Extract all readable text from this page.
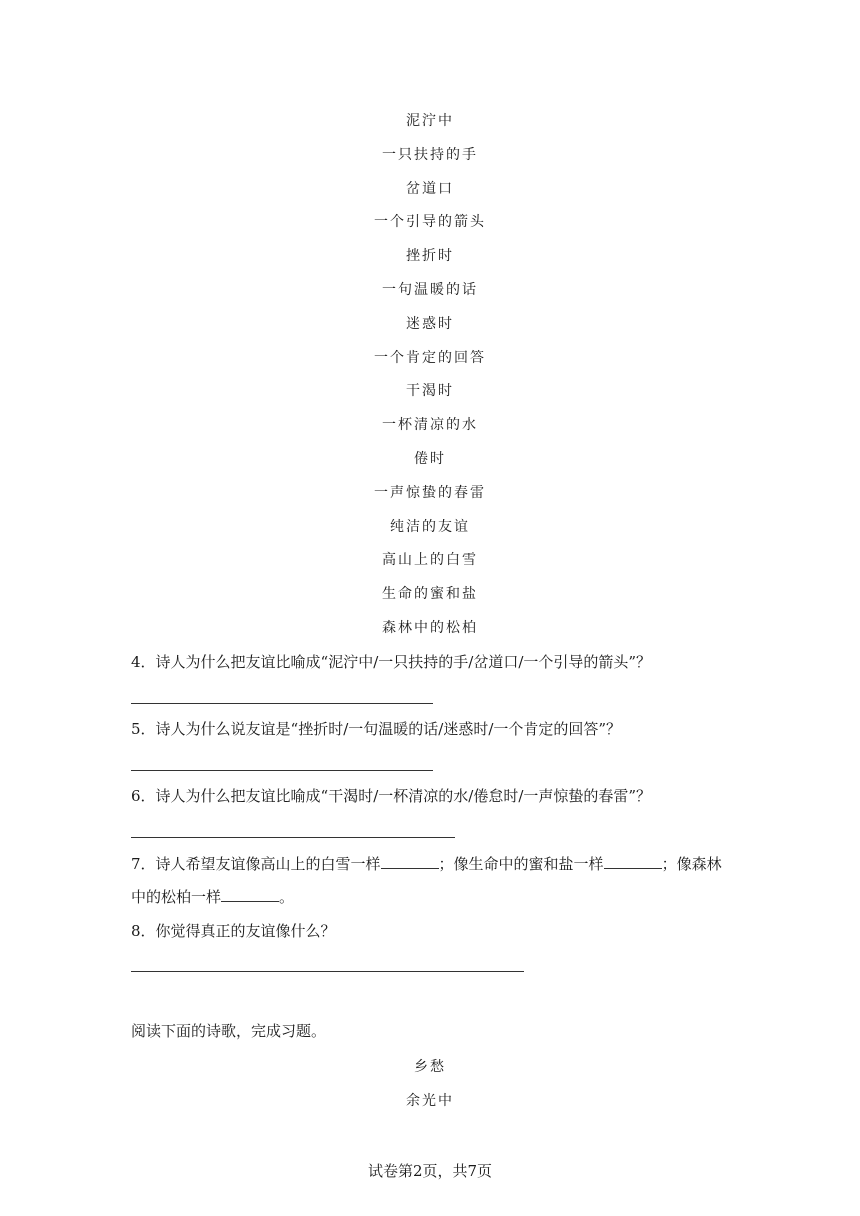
泥泞中
一只扶持的手
岔道口
一个引导的箭头
挫折时
一句温暖的话
迷惑时
一个肯定的回答
干渴时
一杯清凉的水
倦时
一声惊蛰的春雷
纯洁的友谊
高山上的白雪
生命的蜜和盐
森林中的松柏
4．诗人为什么把友谊比喻成“泥泞中/一只扶持的手/岔道口/一个引导的箭头”？
5．诗人为什么说友谊是“挫折时/一句温暖的话/迷惑时/一个肯定的回答”？
6．诗人为什么把友谊比喻成“干渴时/一杯清凉的水/倦怠时/一声惊蛰的春雷”？
7．诗人希望友谊像高山上的白雪一样	；像生命中的蜜和盐一样	；像森林
中的松柏一样	。
8．你觉得真正的友谊像什么？
阅读下面的诗歌，完成习题。
乡愁
余光中
试卷第2页，共7页
